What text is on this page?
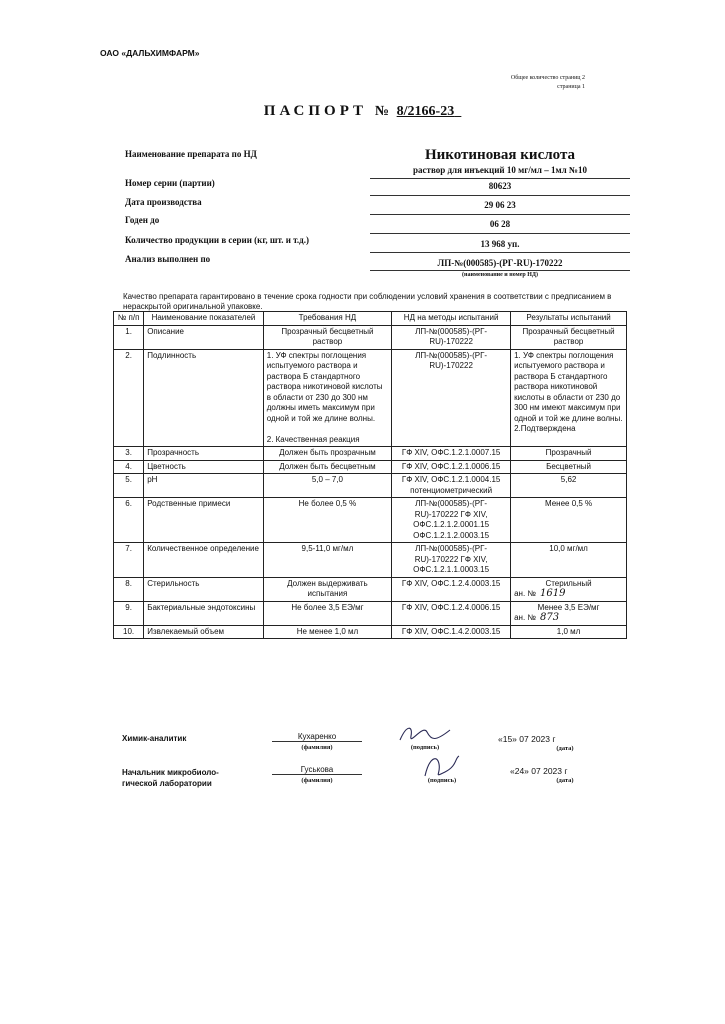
ОАО «ДАЛЬХИМФАРМ»
Общее количество страниц 2
страница 1
ПАСПОРТ № 8/2166-23_
Наименование препарата по НД	Никотиновая кислота
раствор для инъекций 10 мг/мл – 1мл №10
Номер серии (партии)	80623
Дата производства	29 06 23
Годен до	06 28
Количество продукции в серии (кг, шт. и т.д.)	13 968 уп.
Анализ выполнен по	ЛП-№(000585)-(РГ-RU)-170222
(наименование и номер НД)
Качество препарата гарантировано в течение срока годности при соблюдении условий хранения в соответствии с предписанием в нераскрытой оригинальной упаковке.
№ п/п	Наименование показателей	Требования НД	НД на методы испытаний	Результаты испытаний
1.	Описание	Прозрачный бесцветный раствор	ЛП-№(000585)-(РГ-RU)-170222	Прозрачный бесцветный раствор

2.	Подлинность	1. УФ спектры поглощения испытуемого раствора и раствора Б стандартного раствора никотиновой кислоты в области от 230 до 300 нм должны иметь максимум при одной и той же длине волны.

2. Качественная реакция	ЛП-№(000585)-(РГ-RU)-170222	1. УФ спектры поглощения испытуемого раствора и раствора Б стандартного раствора никотиновой кислоты в области от 230 до 300 нм имеют максимум при одной и той же длине волны.
2.Подтверждена

3.	Прозрачность	Должен быть прозрачным	ГФ XIV, ОФС.1.2.1.0007.15	Прозрачный

4.	Цветность	Должен быть бесцветным	ГФ XIV, ОФС.1.2.1.0006.15	Бесцветный

5.	pH	5,0 – 7,0	ГФ XIV, ОФС.1.2.1.0004.15 потенциометрический	5,62

6.	Родственные примеси	Не более 0,5 %	ЛП-№(000585)-(РГ-RU)-170222 ГФ XIV, ОФС.1.2.1.2.0001.15 ОФС.1.2.1.2.0003.15	Менее 0,5 %

7.	Количественное определение	9,5-11,0 мг/мл	ЛП-№(000585)-(РГ-RU)-170222 ГФ XIV, ОФС.1.2.1.1.0003.15	10,0 мг/мл

8.	Стерильность	Должен выдерживать испытания	ГФ XIV, ОФС.1.2.4.0003.15	Стерильный
ан. № 1619

9.	Бактериальные эндотоксины	Не более 3,5 ЕЭ/мг	ГФ XIV, ОФС.1.2.4.0006.15	Менее 3,5 ЕЭ/мг
ан. № 873

10.	Извлекаемый объем	Не менее 1,0 мл	ГФ XIV, ОФС.1.4.2.0003.15	1,0 мл
Химик-аналитик	Кухаренко
(фамилия)	(подпись)
«15» 07 2023 г
(дата)
Начальник микробиоло-
гической лаборатории
Гуськова
(фамилия)	(подпись)
«24» 07 2023 г
(дата)
